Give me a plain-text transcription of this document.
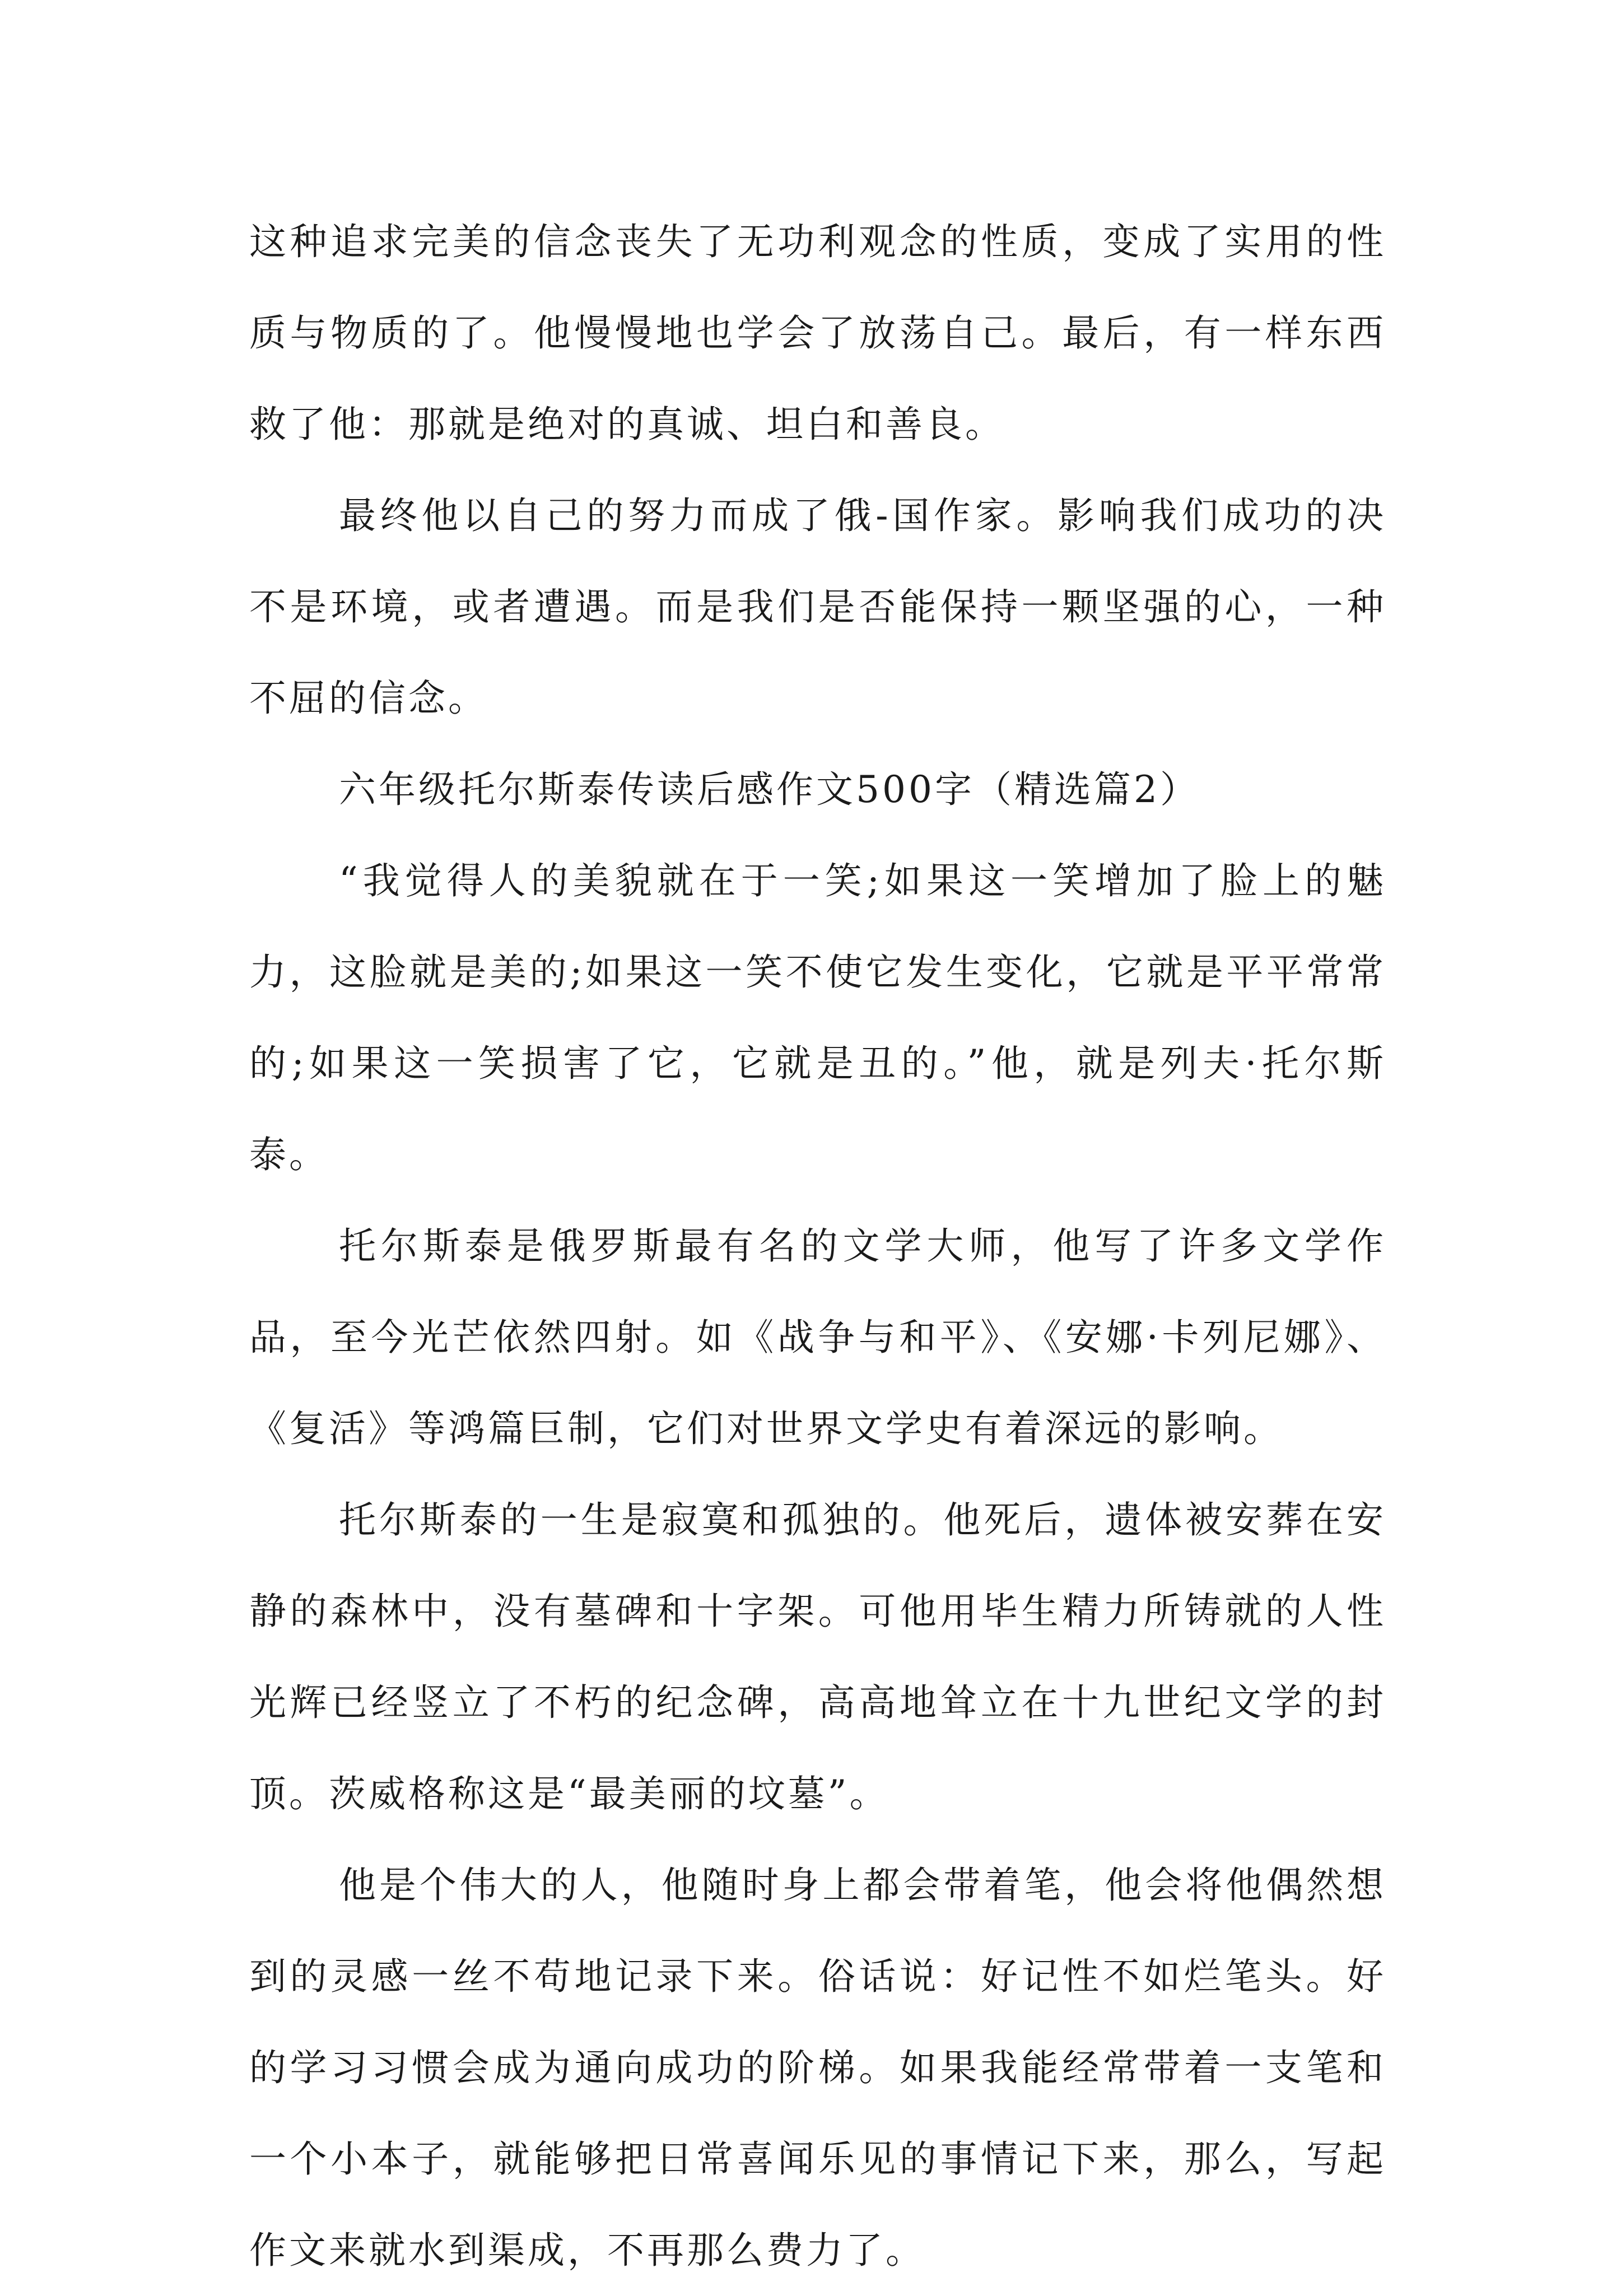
这种追求完美的信念丧失了无功利观念的性质，变成了实用的性质与物质的了。他慢慢地也学会了放荡自己。最后，有一样东西救了他：那就是绝对的真诚、坦白和善良。

最终他以自己的努力而成了俄-国作家。影响我们成功的决不是环境，或者遭遇。而是我们是否能保持一颗坚强的心，一种不屈的信念。

六年级托尔斯泰传读后感作文500字（精选篇2）

“我觉得人的美貌就在于一笑;如果这一笑增加了脸上的魅力，这脸就是美的;如果这一笑不使它发生变化，它就是平平常常的;如果这一笑损害了它，它就是丑的。”他，就是列夫·托尔斯泰。

托尔斯泰是俄罗斯最有名的文学大师，他写了许多文学作品，至今光芒依然四射。如《战争与和平》、《安娜·卡列尼娜》、《复活》等鸿篇巨制，它们对世界文学史有着深远的影响。

托尔斯泰的一生是寂寞和孤独的。他死后，遗体被安葬在安静的森林中，没有墓碑和十字架。可他用毕生精力所铸就的人性光辉已经竖立了不朽的纪念碑，高高地耸立在十九世纪文学的封顶。茨威格称这是“最美丽的坟墓”。

他是个伟大的人，他随时身上都会带着笔，他会将他偶然想到的灵感一丝不苟地记录下来。俗话说：好记性不如烂笔头。好的学习习惯会成为通向成功的阶梯。如果我能经常带着一支笔和一个小本子，就能够把日常喜闻乐见的事情记下来，那么，写起作文来就水到渠成，不再那么费力了。
